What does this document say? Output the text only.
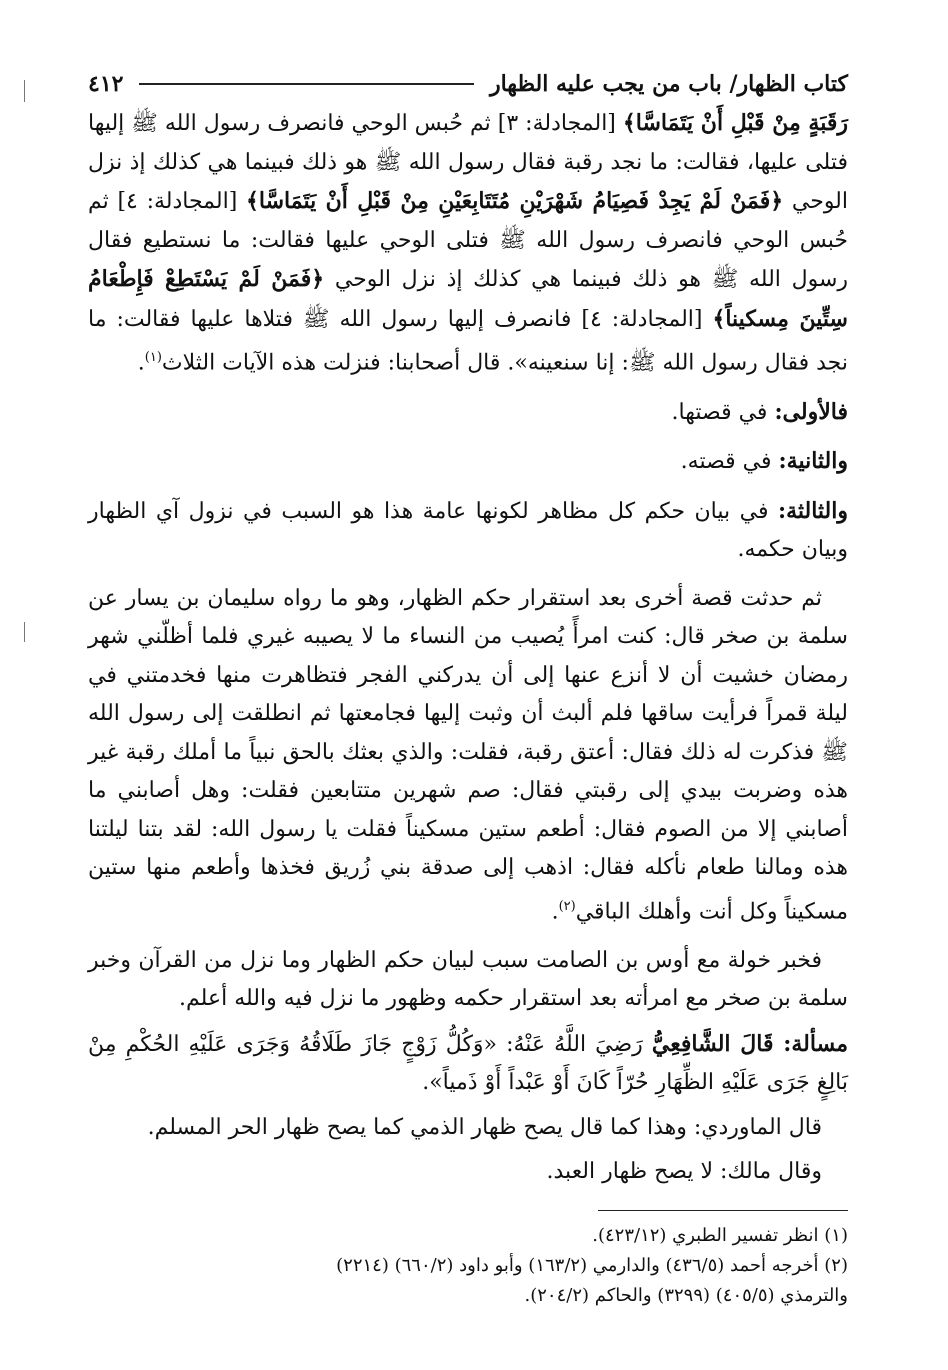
كتاب الظهار/ باب من يجب عليه الظهار
٤١٢

رَقَبَةٍ مِنْ قَبْلِ أَنْ يَتَمَاسَّا﴾ [المجادلة: ٣] ثم حُبس الوحي فانصرف رسول الله ﷺ إليها فتلى عليها، فقالت: ما نجد رقبة فقال رسول الله ﷺ هو ذلك فبينما هي كذلك إذ نزل الوحي ﴿فَمَنْ لَمْ يَجِدْ فَصِيَامُ شَهْرَيْنِ مُتَتَابِعَيْنِ مِنْ قَبْلِ أَنْ يَتَمَاسَّا﴾ [المجادلة: ٤] ثم حُبس الوحي فانصرف رسول الله ﷺ فتلى الوحي عليها فقالت: ما نستطيع فقال رسول الله ﷺ هو ذلك فبينما هي كذلك إذ نزل الوحي ﴿فَمَنْ لَمْ يَسْتَطِعْ فَإِطْعَامُ سِتِّينَ مِسكيناً﴾ [المجادلة: ٤] فانصرف إليها رسول الله ﷺ فتلاها عليها فقالت: ما نجد فقال رسول الله ﷺ: إنا سنعينه». قال أصحابنا: فنزلت هذه الآيات الثلاث$^{(١)}$.

فالأولى: في قصتها.

والثانية: في قصته.

والثالثة: في بيان حكم كل مظاهر لكونها عامة هذا هو السبب في نزول آي الظهار وبيان حكمه.

ثم حدثت قصة أخرى بعد استقرار حكم الظهار، وهو ما رواه سليمان بن يسار عن سلمة بن صخر قال: كنت امرأً يُصيب من النساء ما لا يصيبه غيري فلما أظلّني شهر رمضان خشيت أن لا أنزع عنها إلى أن يدركني الفجر فتظاهرت منها فخدمتني في ليلة قمراً فرأيت ساقها فلم ألبث أن وثبت إليها فجامعتها ثم انطلقت إلى رسول الله ﷺ فذكرت له ذلك فقال: أعتق رقبة، فقلت: والذي بعثك بالحق نبياً ما أملك رقبة غير هذه وضربت بيدي إلى رقبتي فقال: صم شهرين متتابعين فقلت: وهل أصابني ما أصابني إلا من الصوم فقال: أطعم ستين مسكيناً فقلت يا رسول الله: لقد بتنا ليلتنا هذه ومالنا طعام نأكله فقال: اذهب إلى صدقة بني زُريق فخذها وأطعم منها ستين مسكيناً وكل أنت وأهلك الباقي$^{(٢)}$.

فخبر خولة مع أوس بن الصامت سبب لبيان حكم الظهار وما نزل من القرآن وخبر سلمة بن صخر مع امرأته بعد استقرار حكمه وظهور ما نزل فيه والله أعلم.

مسألة: قَالَ الشَّافِعِيُّ رَضِيَ اللَّهُ عَنْهُ: «وَكُلُّ زَوْجٍ جَازَ طَلَاقُهُ وَجَرَى عَلَيْهِ الحُكْمِ مِنْ بَالِغٍ جَرَى عَلَيْهِ الظِّهَارِ حُرّاً كَانَ أَوْ عَبْداً أَوْ ذَمياً».

قال الماوردي: وهذا كما قال يصح ظهار الذمي كما يصح ظهار الحر المسلم.

وقال مالك: لا يصح ظهار العبد.

(١) انظر تفسير الطبري (٤٢٣/١٢).

(٢) أخرجه أحمد (٤٣٦/٥) والدارمي (١٦٣/٢) وأبو داود (٦٦٠/٢) (٢٢١٤)

والترمذي (٤٠٥/٥) (٣٢٩٩) والحاكم (٢٠٤/٢).
